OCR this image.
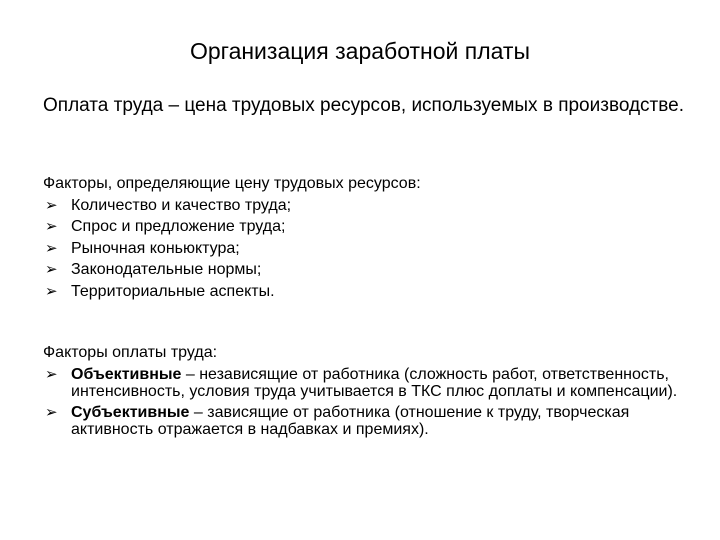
Организация заработной платы
Оплата труда – цена трудовых ресурсов, используемых в производстве.

Факторы, определяющие цену трудовых ресурсов:

➢ Количество и качество труда;
➢ Спрос и предложение труда;
➢ Рыночная коньюктура;
➢ Законодательные нормы;
➢ Территориальные аспекты.

Факторы оплаты труда:

➢ Объективные – независящие от работника (сложность работ, ответственность, интенсивность, условия труда учитывается в ТКС плюс доплаты и компенсации).
➢ Субъективные – зависящие от работника (отношение к труду, творческая активность отражается в надбавках и премиях).
